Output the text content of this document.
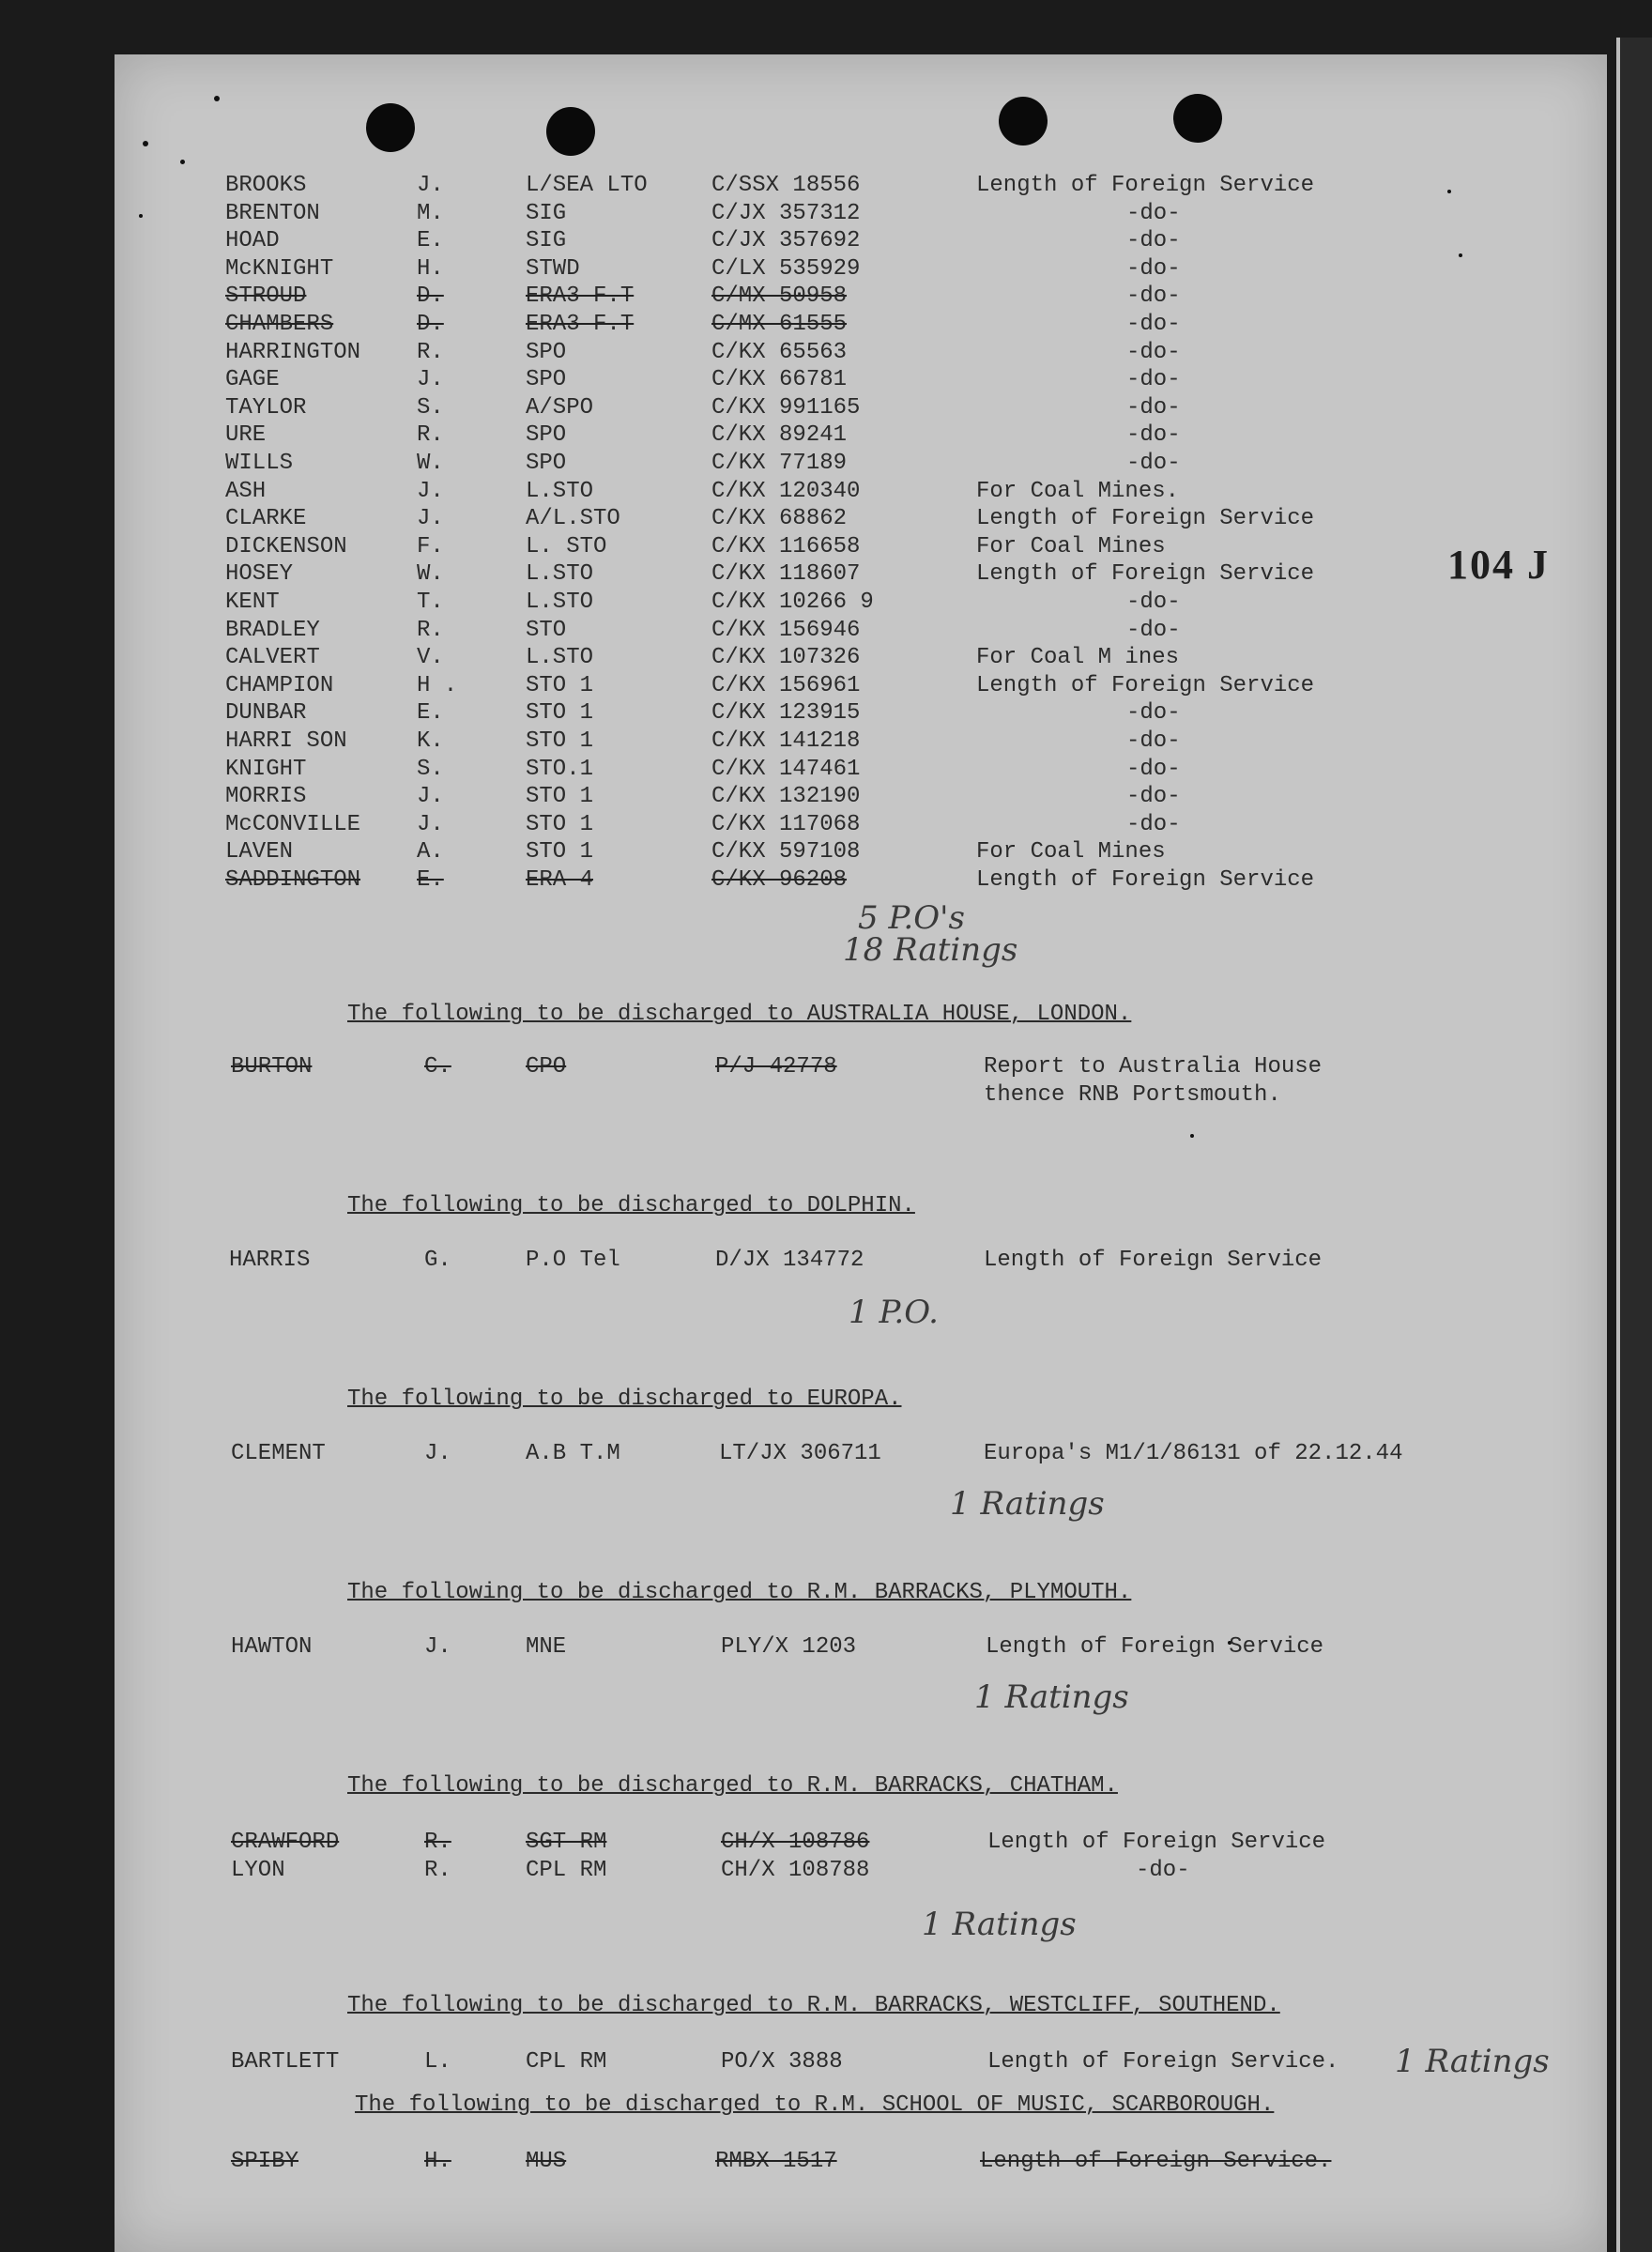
104 J
BROOKS	J.	L/SEA LTO	C/SSX 18556	Length of Foreign Service
BRENTON	M.	SIG	C/JX 357312	-do-
HOAD	E.	SIG	C/JX 357692	-do-
McKNIGHT	H.	STWD	C/LX 535929	-do-
STROUD	D.	ERA3 F.T	C/MX 50958	-do-
CHAMBERS	D.	ERA3 F.T	C/MX 61555	-do-
HARRINGTON R.	SPO	C/KX 65563	-do-
GAGE	J.	SPO	C/KX 66781	-do-
TAYLOR	S.	A/SPO	C/KX 991165	-do-
URE	R.	SPO	C/KX 89241	-do-
WILLS	W.	SPO	C/KX 77189	-do-
ASH	J.	L.STO	C/KX 120340	For Coal Mines.
CLARKE	J.	A/L.STO	C/KX 68862	Length of Foreign Service
DICKENSON	F.	L. STO	C/KX 116658	For Coal Mines
HOSEY	W.	L.STO	C/KX 118607	Length of Foreign Service
KENT	T.	L.STO	C/KX 10266 9	-do-
BRADLEY	R.	STO	C/KX 156946	-do-
CALVERT	V.	L.STO	C/KX 107326	For Coal M ines
CHAMPION	H .	STO 1	C/KX 156961	Length of Foreign Service
DUNBAR	E.	STO 1	C/KX 123915	-do-
HARRI SON	K.	STO 1	C/KX 141218	-do-
KNIGHT	S.	STO.1	C/KX 147461	-do-
MORRIS	J.	STO 1	C/KX 132190	-do-
McCONVILLE J.	STO 1	C/KX 117068	-do-
LAVEN	A.	STO 1	C/KX 597108	For Coal Mines
SADDINGTON E.	ERA 4	C/KX 96208	Length of Foreign Service
5 P.O's
18 Ratings
The following to be discharged to AUSTRALIA HOUSE, LONDON.
BURTON	C.	CPO	P/J 42778	Report to Australia House
thence RNB Portsmouth.
The following to be discharged to DOLPHIN.
HARRIS	G.	P.O Tel	D/JX 134772	Length of Foreign Service
1 P.O.
The following to be discharged to EUROPA.
CLEMENT	J.	A.B T.M	LT/JX 306711	Europa's M1/1/86131 of 22.12.44
1 Ratings
The following to be discharged to R.M. BARRACKS, PLYMOUTH.
HAWTON	J.	MNE	PLY/X 1203	Length of Foreign Service
1 Ratings
The following to be discharged to R.M. BARRACKS, CHATHAM.
CRAWFORD	R.	SGT RM	CH/X 108786	Length of Foreign Service
LYON	R.	CPL RM	CH/X 108788	-do-
1 Ratings
The following to be discharged to R.M. BARRACKS, WESTCLIFF, SOUTHEND.
BARTLETT	L.	CPL RM	PO/X 3888	Length of Foreign Service. 1 Ratings
The following to be discharged to R.M. SCHOOL OF MUSIC, SCARBOROUGH.
SPIBY	H.	MUS	RMBX 1517	Length of Foreign Service.
